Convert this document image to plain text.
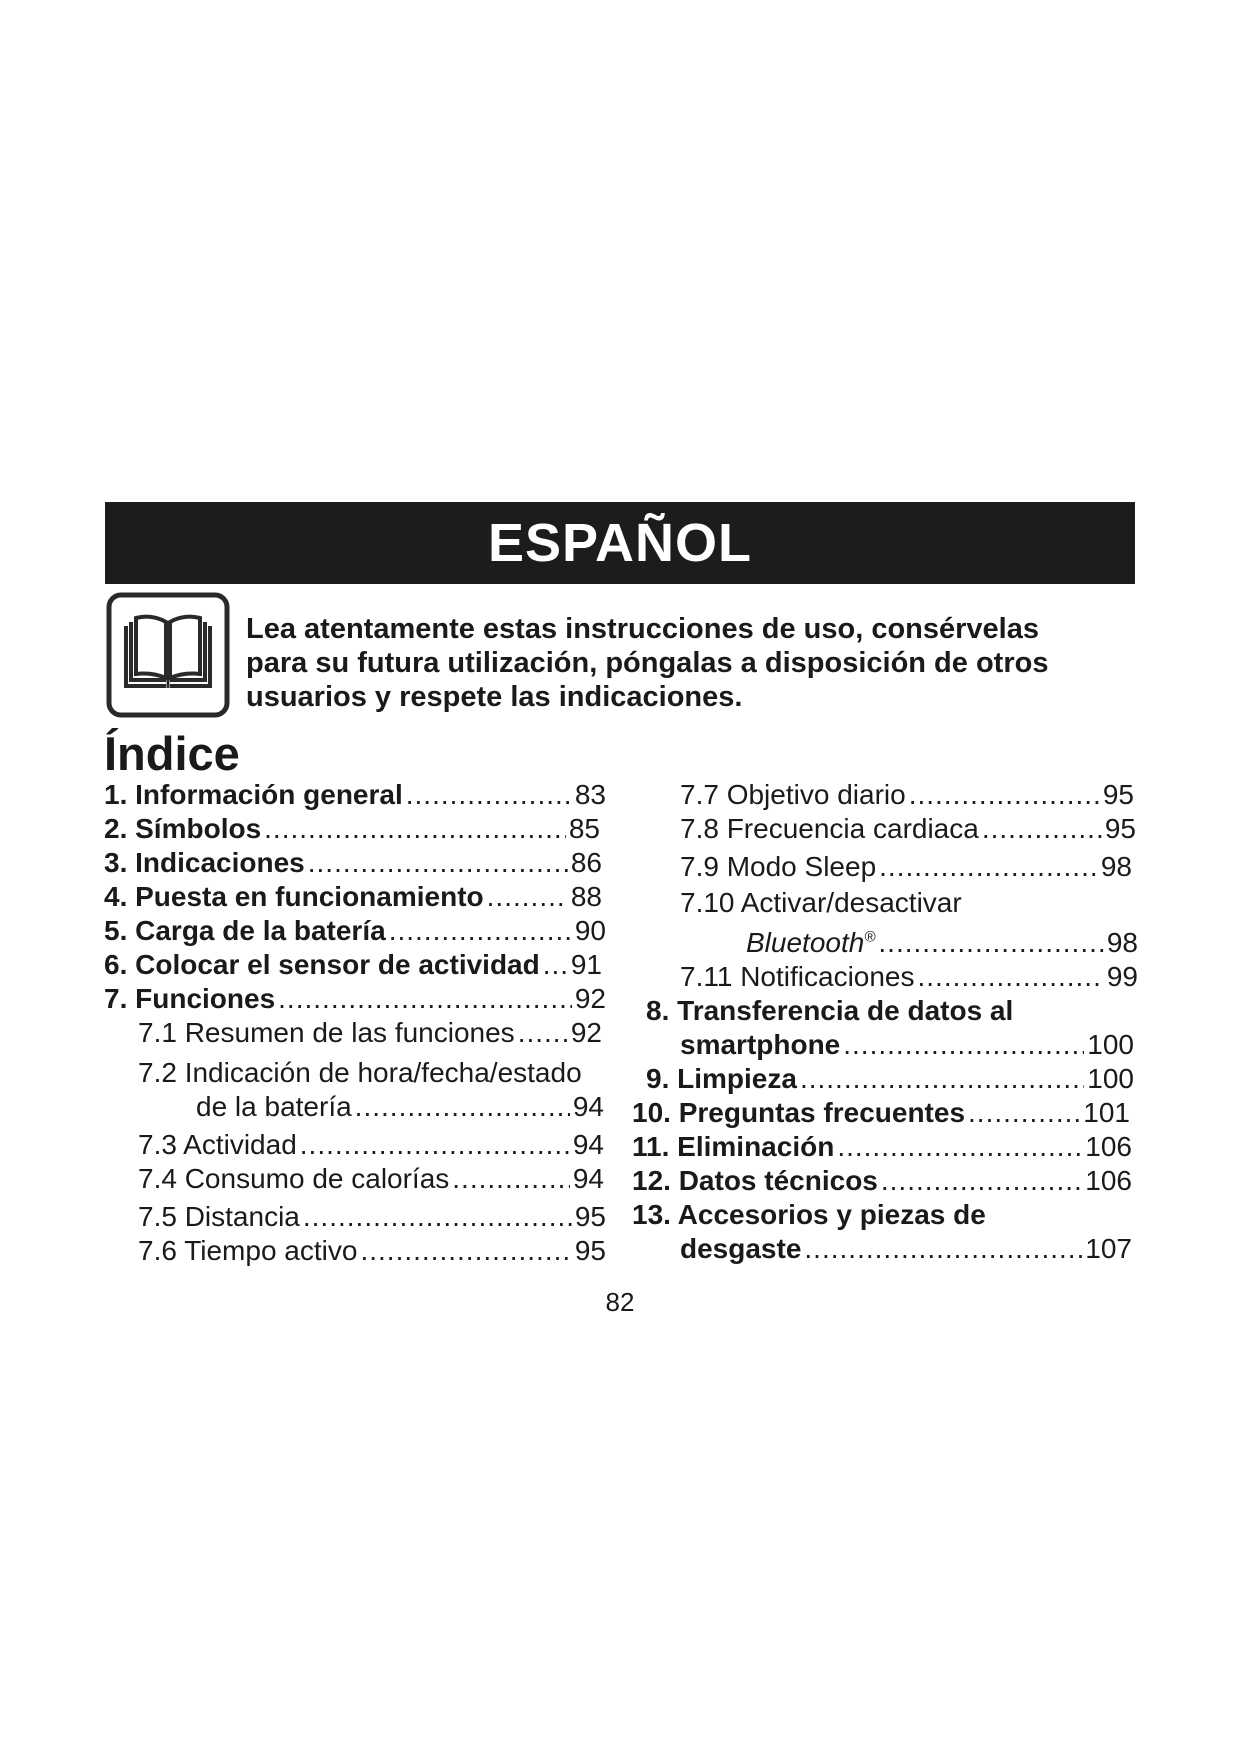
ESPAÑOL
Lea atentamente estas instrucciones de uso, consérvelas
para su futura utilización, póngalas a disposición de otros
usuarios y respete las indicaciones.
Índice
1. Información general .....	83
2. Símbolos .....	85
3. Indicaciones .....	86
4. Puesta en funcionamiento .....	88
5. Carga de la batería .....	90
6. Colocar el sensor de actividad ..... 91
7. Funciones .....	92
7.1 Resumen de las funciones ..... 92
7.2 Indicación de hora/fecha/estado
de la batería .....	94
7.3 Actividad .....	94
7.4 Consumo de calorías .....	94
7.5 Distancia .....	95
7.6 Tiempo activo .....	95
7.7 Objetivo diario .....	95
7.8 Frecuencia cardiaca .....	95
7.9 Modo Sleep .....	98
7.10 Activar/desactivar
Bluetooth® .....	98
7.11 Notificaciones .....	99
8. Transferencia de datos al
smartphone .....	100
9. Limpieza .....	100
10. Preguntas frecuentes .....	101
11. Eliminación .....	106
12. Datos técnicos .....	106
13. Accesorios y piezas de
desgaste .....	107
82
